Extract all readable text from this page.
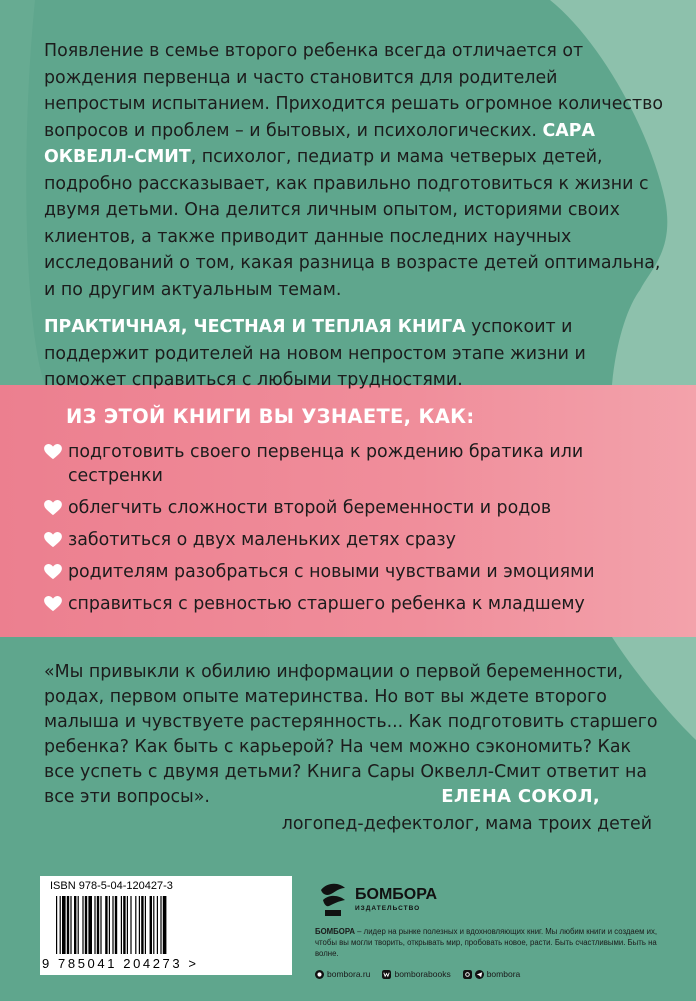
Появление в семье второго ребенка всегда отличается от рождения первенца и часто становится для родителей непростым испытанием. Приходится решать огромное количество вопросов и проблем – и бытовых, и психологических. САРА ОКВЕЛЛ-СМИТ, психолог, педиатр и мама четверых детей, подробно рассказывает, как правильно подготовиться к жизни с двумя детьми. Она делится личным опытом, историями своих клиентов, а также приводит данные последних научных исследований о том, какая разница в возрасте детей оптимальна, и по другим актуальным темам.

ПРАКТИЧНАЯ, ЧЕСТНАЯ И ТЕПЛАЯ КНИГА успокоит и поддержит родителей на новом непростом этапе жизни и поможет справиться с любыми трудностями.

ИЗ ЭТОЙ КНИГИ ВЫ УЗНАЕТЕ, КАК:
подготовить своего первенца к рождению братика или сестренки
облегчить сложности второй беременности и родов
заботиться о двух маленьких детях сразу
родителям разобраться с новыми чувствами и эмоциями
справиться с ревностью старшего ребенка к младшему
«Мы привыкли к обилию информации о первой беременности, родах, первом опыте материнства. Но вот вы ждете второго малыша и чувствуете растерянность... Как подготовить старшего ребенка? Как быть с карьерой? На чем можно сэкономить? Как все успеть с двумя детьми? Книга Сары Оквелл-Смит ответит на все эти вопросы».	ЕЛЕНА СОКОЛ,
логопед-дефектолог, мама троих детей
ISBN 978-5-04-120427-3
9 785041 204273 >
БОМБОРА
ИЗДАТЕЛЬСТВО
БОМБОРА – лидер на рынке полезных и вдохновляющих книг. Мы любим книги и создаем их, чтобы вы могли творить, открывать мир, пробовать новое, расти. Быть счастливыми. Быть на волне.
bombora.ru	bomborabooks	bombora
